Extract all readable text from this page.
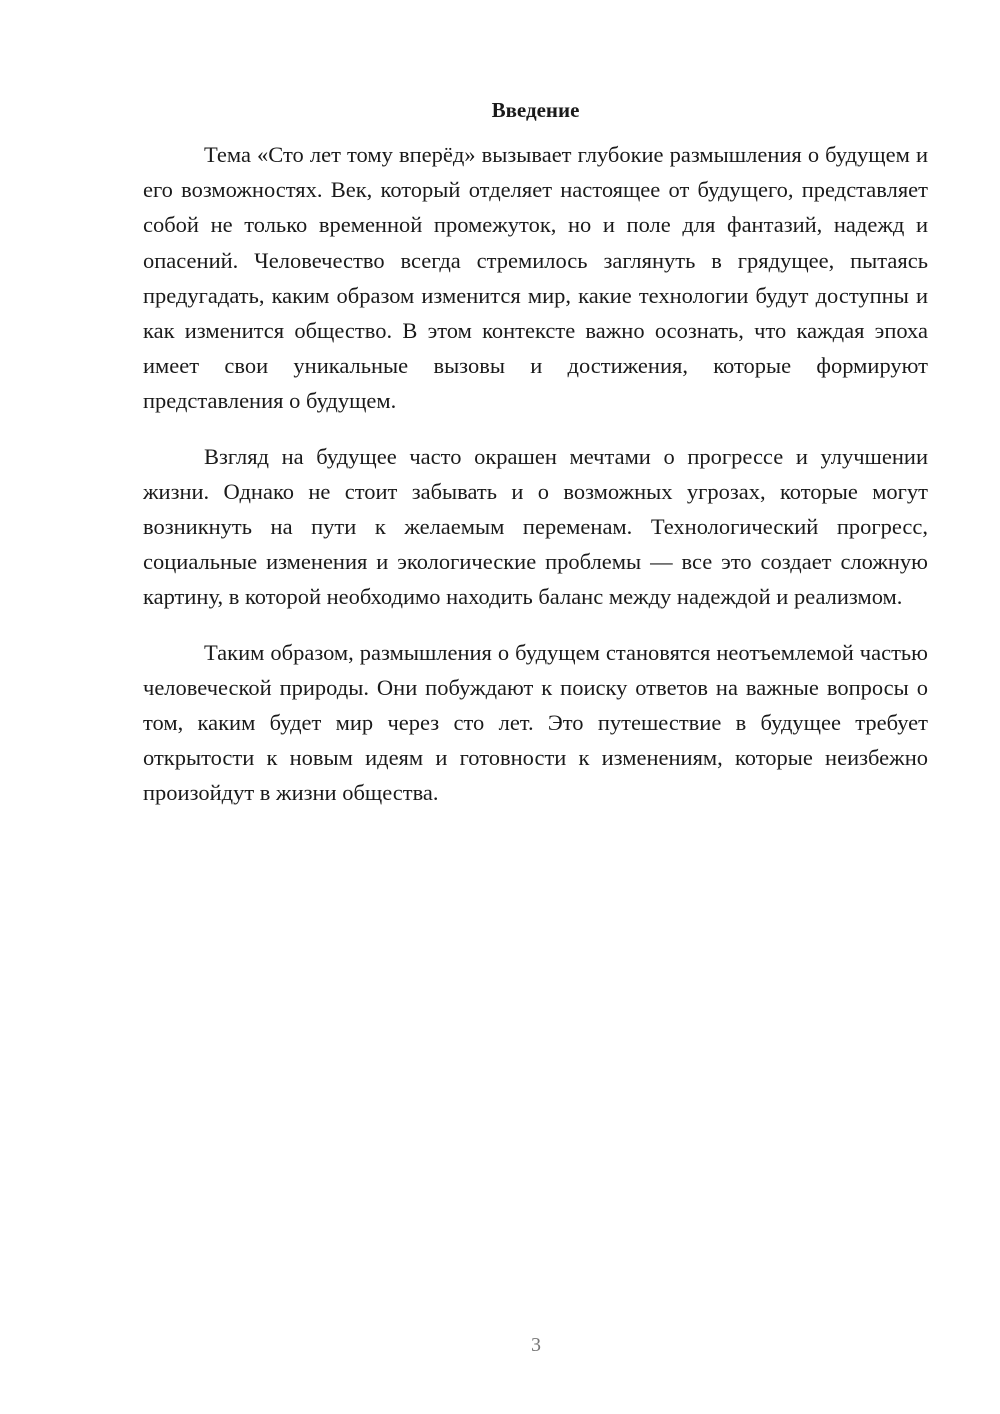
Введение

Тема «Сто лет тому вперёд» вызывает глубокие размышления о будущем и его возможностях. Век, который отделяет настоящее от будущего, представляет собой не только временной промежуток, но и поле для фантазий, надежд и опасений. Человечество всегда стремилось заглянуть в грядущее, пытаясь предугадать, каким образом изменится мир, какие технологии будут доступны и как изменится общество. В этом контексте важно осознать, что каждая эпоха имеет свои уникальные вызовы и достижения, которые формируют представления о будущем.

Взгляд на будущее часто окрашен мечтами о прогрессе и улучшении жизни. Однако не стоит забывать и о возможных угрозах, которые могут возникнуть на пути к желаемым переменам. Технологический прогресс, социальные изменения и экологические проблемы — все это создает сложную картину, в которой необходимо находить баланс между надеждой и реализмом.

Таким образом, размышления о будущем становятся неотъемлемой частью человеческой природы. Они побуждают к поиску ответов на важные вопросы о том, каким будет мир через сто лет. Это путешествие в будущее требует открытости к новым идеям и готовности к изменениям, которые неизбежно произойдут в жизни общества.

3
